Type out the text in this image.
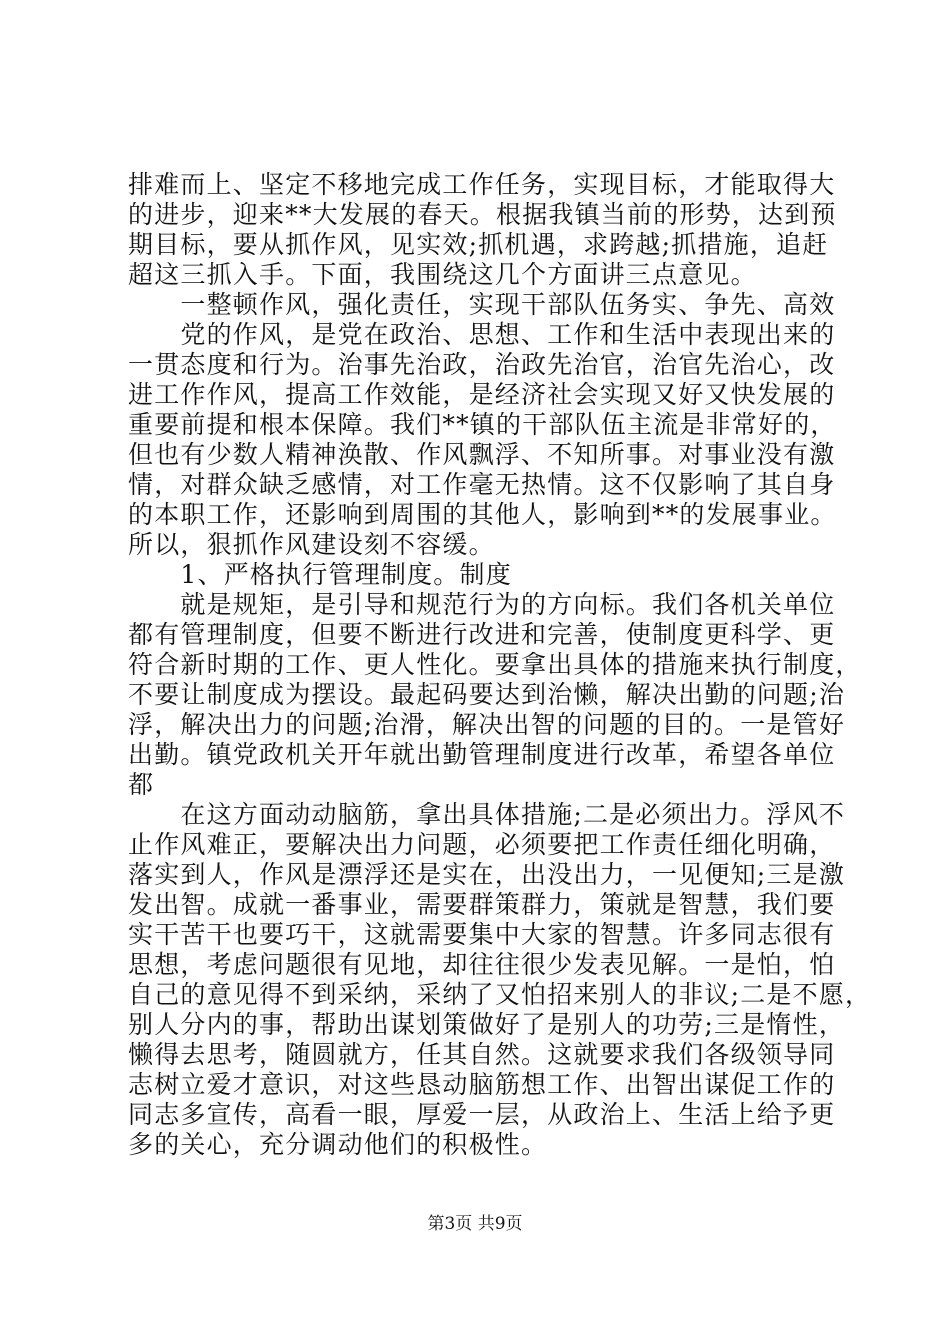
排难而上、坚定不移地完成工作任务，实现目标，才能取得大
的进步，迎来**大发展的春天。根据我镇当前的形势，达到预
期目标，要从抓作风，见实效;抓机遇，求跨越;抓措施，追赶
超这三抓入手。下面，我围绕这几个方面讲三点意见。
　　一整顿作风，强化责任，实现干部队伍务实、争先、高效
　　党的作风，是党在政治、思想、工作和生活中表现出来的
一贯态度和行为。治事先治政，治政先治官，治官先治心，改
进工作作风，提高工作效能，是经济社会实现又好又快发展的
重要前提和根本保障。我们**镇的干部队伍主流是非常好的，
但也有少数人精神涣散、作风飘浮、不知所事。对事业没有激
情，对群众缺乏感情，对工作毫无热情。这不仅影响了其自身
的本职工作，还影响到周围的其他人，影响到**的发展事业。
所以，狠抓作风建设刻不容缓。
　　1、严格执行管理制度。制度
　　就是规矩，是引导和规范行为的方向标。我们各机关单位
都有管理制度，但要不断进行改进和完善，使制度更科学、更
符合新时期的工作、更人性化。要拿出具体的措施来执行制度，
不要让制度成为摆设。最起码要达到治懒，解决出勤的问题;治
浮，解决出力的问题;治滑，解决出智的问题的目的。一是管好
出勤。镇党政机关开年就出勤管理制度进行改革，希望各单位
都
　　在这方面动动脑筋，拿出具体措施;二是必须出力。浮风不
止作风难正，要解决出力问题，必须要把工作责任细化明确，
落实到人，作风是漂浮还是实在，出没出力，一见便知;三是激
发出智。成就一番事业，需要群策群力，策就是智慧，我们要
实干苦干也要巧干，这就需要集中大家的智慧。许多同志很有
思想，考虑问题很有见地，却往往很少发表见解。一是怕，怕
自己的意见得不到采纳，采纳了又怕招来别人的非议;二是不愿，
别人分内的事，帮助出谋划策做好了是别人的功劳;三是惰性，
懒得去思考，随圆就方，任其自然。这就要求我们各级领导同
志树立爱才意识，对这些恳动脑筋想工作、出智出谋促工作的
同志多宣传，高看一眼，厚爱一层，从政治上、生活上给予更
多的关心，充分调动他们的积极性。
第3页 共9页
